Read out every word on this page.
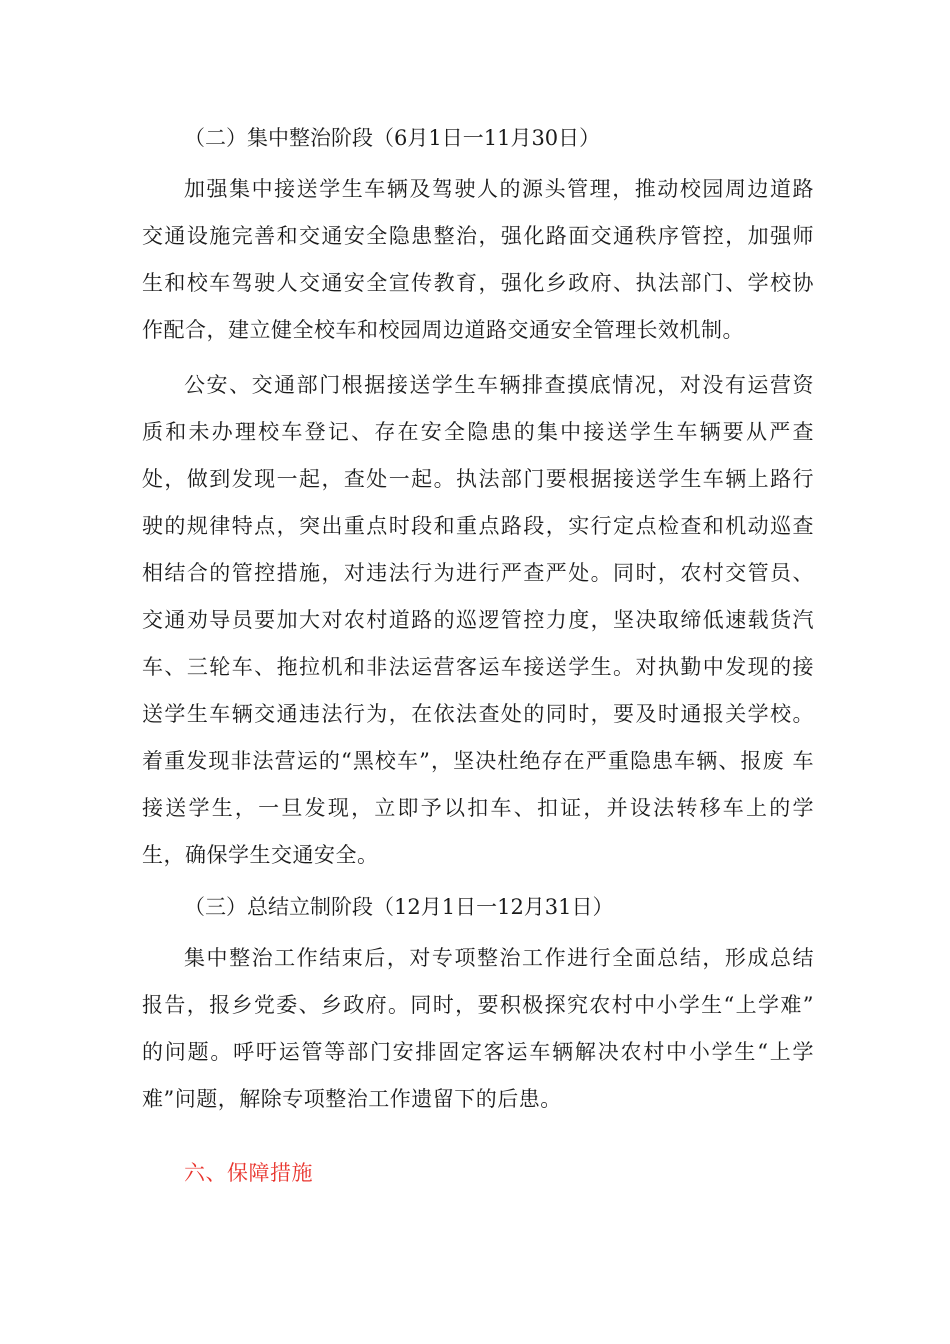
（二）集中整治阶段（6月1日一11月30日）

加强集中接送学生车辆及驾驶人的源头管理，推动校园周边道路 交通设施完善和交通安全隐患整治，强化路面交通秩序管控，加强师 生和校车驾驶人交通安全宣传教育，强化乡政府、执法部门、学校协 作配合，建立健全校车和校园周边道路交通安全管理长效机制。

公安、交通部门根据接送学生车辆排查摸底情况，对没有运营资 质和未办理校车登记、存在安全隐患的集中接送学生车辆要从严查 处，做到发现一起，查处一起。执法部门要根据接送学生车辆上路行 驶的规律特点，突出重点时段和重点路段，实行定点检查和机动巡查 相结合的管控措施，对违法行为进行严查严处。同时，农村交管员、 交通劝导员要加大对农村道路的巡逻管控力度，坚决取缔低速载货汽 车、三轮车、拖拉机和非法运营客运车接送学生。对执勤中发现的接 送学生车辆交通违法行为，在依法查处的同时，要及时通报关学校。 着重发现非法营运的“黑校车”，坚决杜绝存在严重隐患车辆、报废 车接送学生，一旦发现，立即予以扣车、扣证，并设法转移车上的学 生，确保学生交通安全。

（三）总结立制阶段（12月1日一12月31日）

集中整治工作结束后，对专项整治工作进行全面总结，形成总结 报告，报乡党委、乡政府。同时，要积极探究农村中小学生“上学难” 的问题。呼吁运管等部门安排固定客运车辆解决农村中小学生“上学难”问题，解除专项整治工作遗留下的后患。

六、保障措施
